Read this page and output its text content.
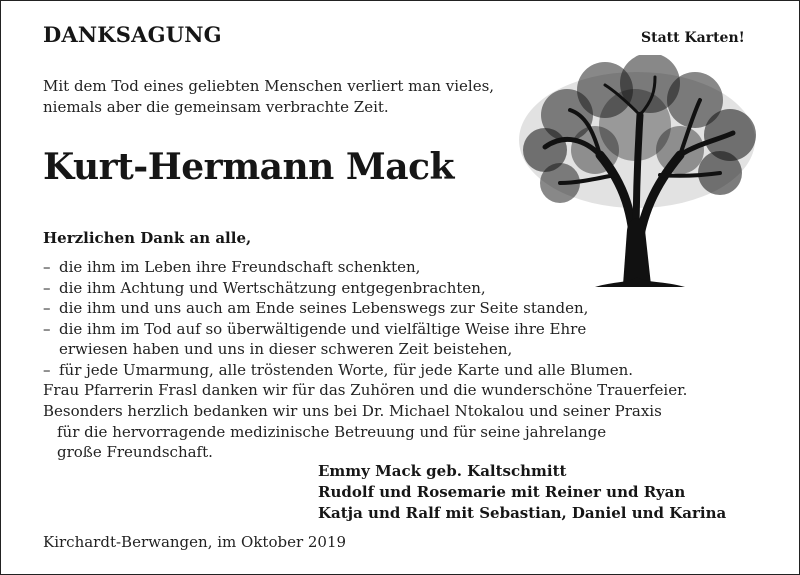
DANKSAGUNG	Statt Karten!
Mit dem Tod eines geliebten Menschen verliert man vieles,
niemals aber die gemeinsam verbrachte Zeit.
Kurt-Hermann Mack
Herzlichen Dank an alle,
– die ihm im Leben ihre Freundschaft schenkten,
– die ihm Achtung und Wertschätzung entgegenbrachten,
– die ihm und uns auch am Ende seines Lebenswegs zur Seite standen,
– die ihm im Tod auf so überwältigende und vielfältige Weise ihre Ehre
erwiesen haben und uns in dieser schweren Zeit beistehen,
– für jede Umarmung, alle tröstenden Worte, für jede Karte und alle Blumen.
Frau Pfarrerin Frasl danken wir für das Zuhören und die wunderschöne Trauerfeier.
Besonders herzlich bedanken wir uns bei Dr. Michael Ntokalou und seiner Praxis
für die hervorragende medizinische Betreuung und für seine jahrelange
große Freundschaft.
Emmy Mack geb. Kaltschmitt
Rudolf und Rosemarie mit Reiner und Ryan
Katja und Ralf mit Sebastian, Daniel und Karina
Kirchardt-Berwangen, im Oktober 2019
